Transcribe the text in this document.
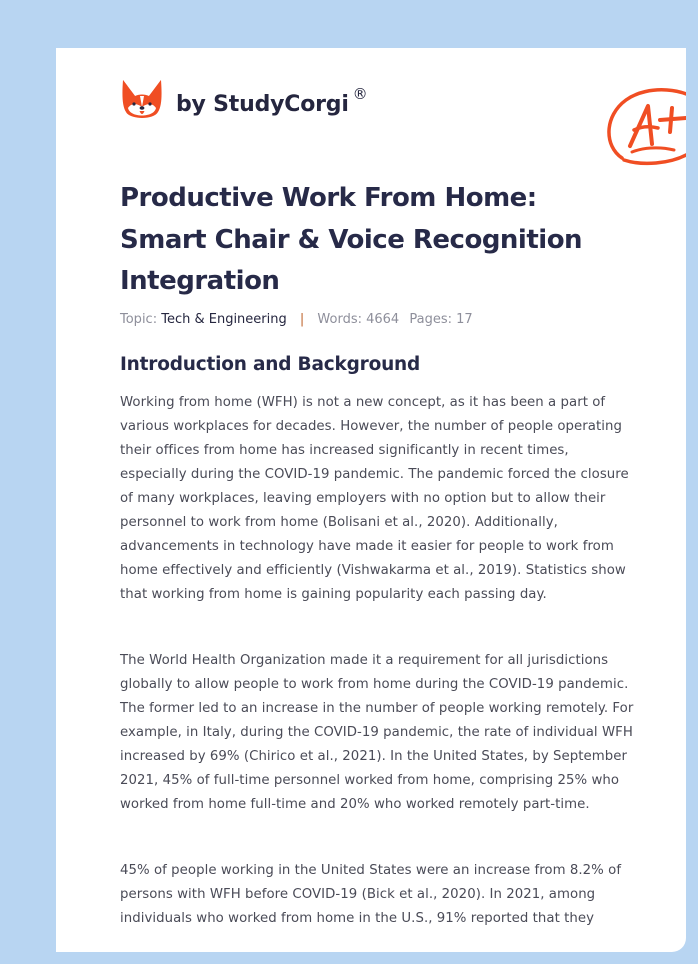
by StudyCorgi ®
Productive Work From Home: Smart Chair & Voice Recognition Integration
Topic: Tech & Engineering | Words: 4664 Pages: 17
Introduction and Background

Working from home (WFH) is not a new concept, as it has been a part of various workplaces for decades. However, the number of people operating their offices from home has increased significantly in recent times, especially during the COVID-19 pandemic. The pandemic forced the closure of many workplaces, leaving employers with no option but to allow their personnel to work from home (Bolisani et al., 2020). Additionally, advancements in technology have made it easier for people to work from home effectively and efficiently (Vishwakarma et al., 2019). Statistics show that working from home is gaining popularity each passing day.

The World Health Organization made it a requirement for all jurisdictions globally to allow people to work from home during the COVID-19 pandemic. The former led to an increase in the number of people working remotely. For example, in Italy, during the COVID-19 pandemic, the rate of individual WFH increased by 69% (Chirico et al., 2021). In the United States, by September 2021, 45% of full-time personnel worked from home, comprising 25% who worked from home full-time and 20% who worked remotely part-time.

45% of people working in the United States were an increase from 8.2% of persons with WFH before COVID-19 (Bick et al., 2020). In 2021, among individuals who worked from home in the U.S., 91% reported that they
